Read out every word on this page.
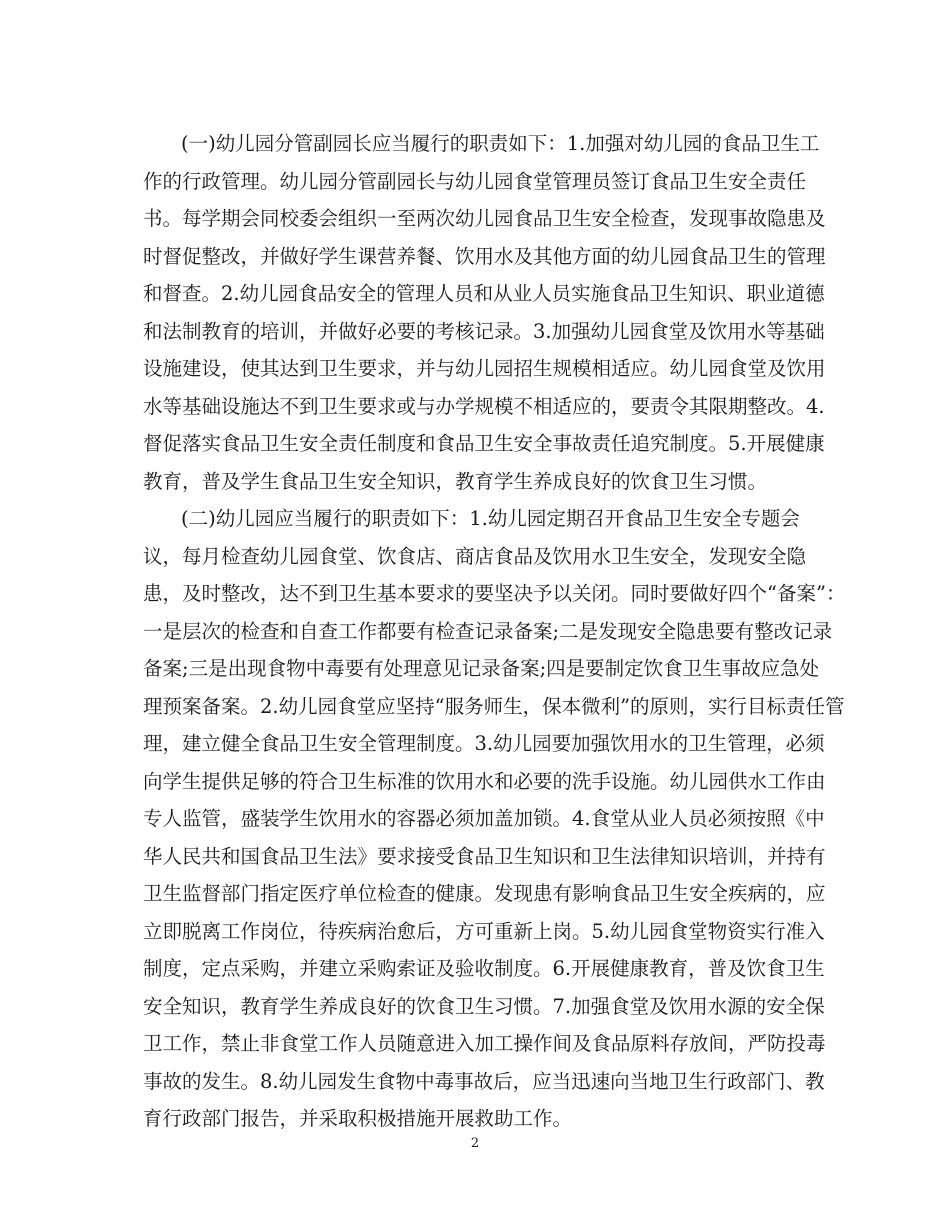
(一)幼儿园分管副园长应当履行的职责如下：1.加强对幼儿园的食品卫生工
作的行政管理。幼儿园分管副园长与幼儿园食堂管理员签订食品卫生安全责任
书。每学期会同校委会组织一至两次幼儿园食品卫生安全检查，发现事故隐患及
时督促整改，并做好学生课营养餐、饮用水及其他方面的幼儿园食品卫生的管理
和督查。2.幼儿园食品安全的管理人员和从业人员实施食品卫生知识、职业道德
和法制教育的培训，并做好必要的考核记录。3.加强幼儿园食堂及饮用水等基础
设施建设，使其达到卫生要求，并与幼儿园招生规模相适应。幼儿园食堂及饮用
水等基础设施达不到卫生要求或与办学规模不相适应的，要责令其限期整改。4.
督促落实食品卫生安全责任制度和食品卫生安全事故责任追究制度。5.开展健康
教育，普及学生食品卫生安全知识，教育学生养成良好的饮食卫生习惯。
(二)幼儿园应当履行的职责如下：1.幼儿园定期召开食品卫生安全专题会
议，每月检查幼儿园食堂、饮食店、商店食品及饮用水卫生安全，发现安全隐
患，及时整改，达不到卫生基本要求的要坚决予以关闭。同时要做好四个“备案”：
一是层次的检查和自查工作都要有检查记录备案;二是发现安全隐患要有整改记录
备案;三是出现食物中毒要有处理意见记录备案;四是要制定饮食卫生事故应急处
理预案备案。2.幼儿园食堂应坚持“服务师生，保本微利”的原则，实行目标责任管
理，建立健全食品卫生安全管理制度。3.幼儿园要加强饮用水的卫生管理，必须
向学生提供足够的符合卫生标准的饮用水和必要的洗手设施。幼儿园供水工作由
专人监管，盛装学生饮用水的容器必须加盖加锁。4.食堂从业人员必须按照《中
华人民共和国食品卫生法》要求接受食品卫生知识和卫生法律知识培训，并持有
卫生监督部门指定医疗单位检查的健康。发现患有影响食品卫生安全疾病的，应
立即脱离工作岗位，待疾病治愈后，方可重新上岗。5.幼儿园食堂物资实行准入
制度，定点采购，并建立采购索证及验收制度。6.开展健康教育，普及饮食卫生
安全知识，教育学生养成良好的饮食卫生习惯。7.加强食堂及饮用水源的安全保
卫工作，禁止非食堂工作人员随意进入加工操作间及食品原料存放间，严防投毒
事故的发生。8.幼儿园发生食物中毒事故后，应当迅速向当地卫生行政部门、教
育行政部门报告，并采取积极措施开展救助工作。
2
